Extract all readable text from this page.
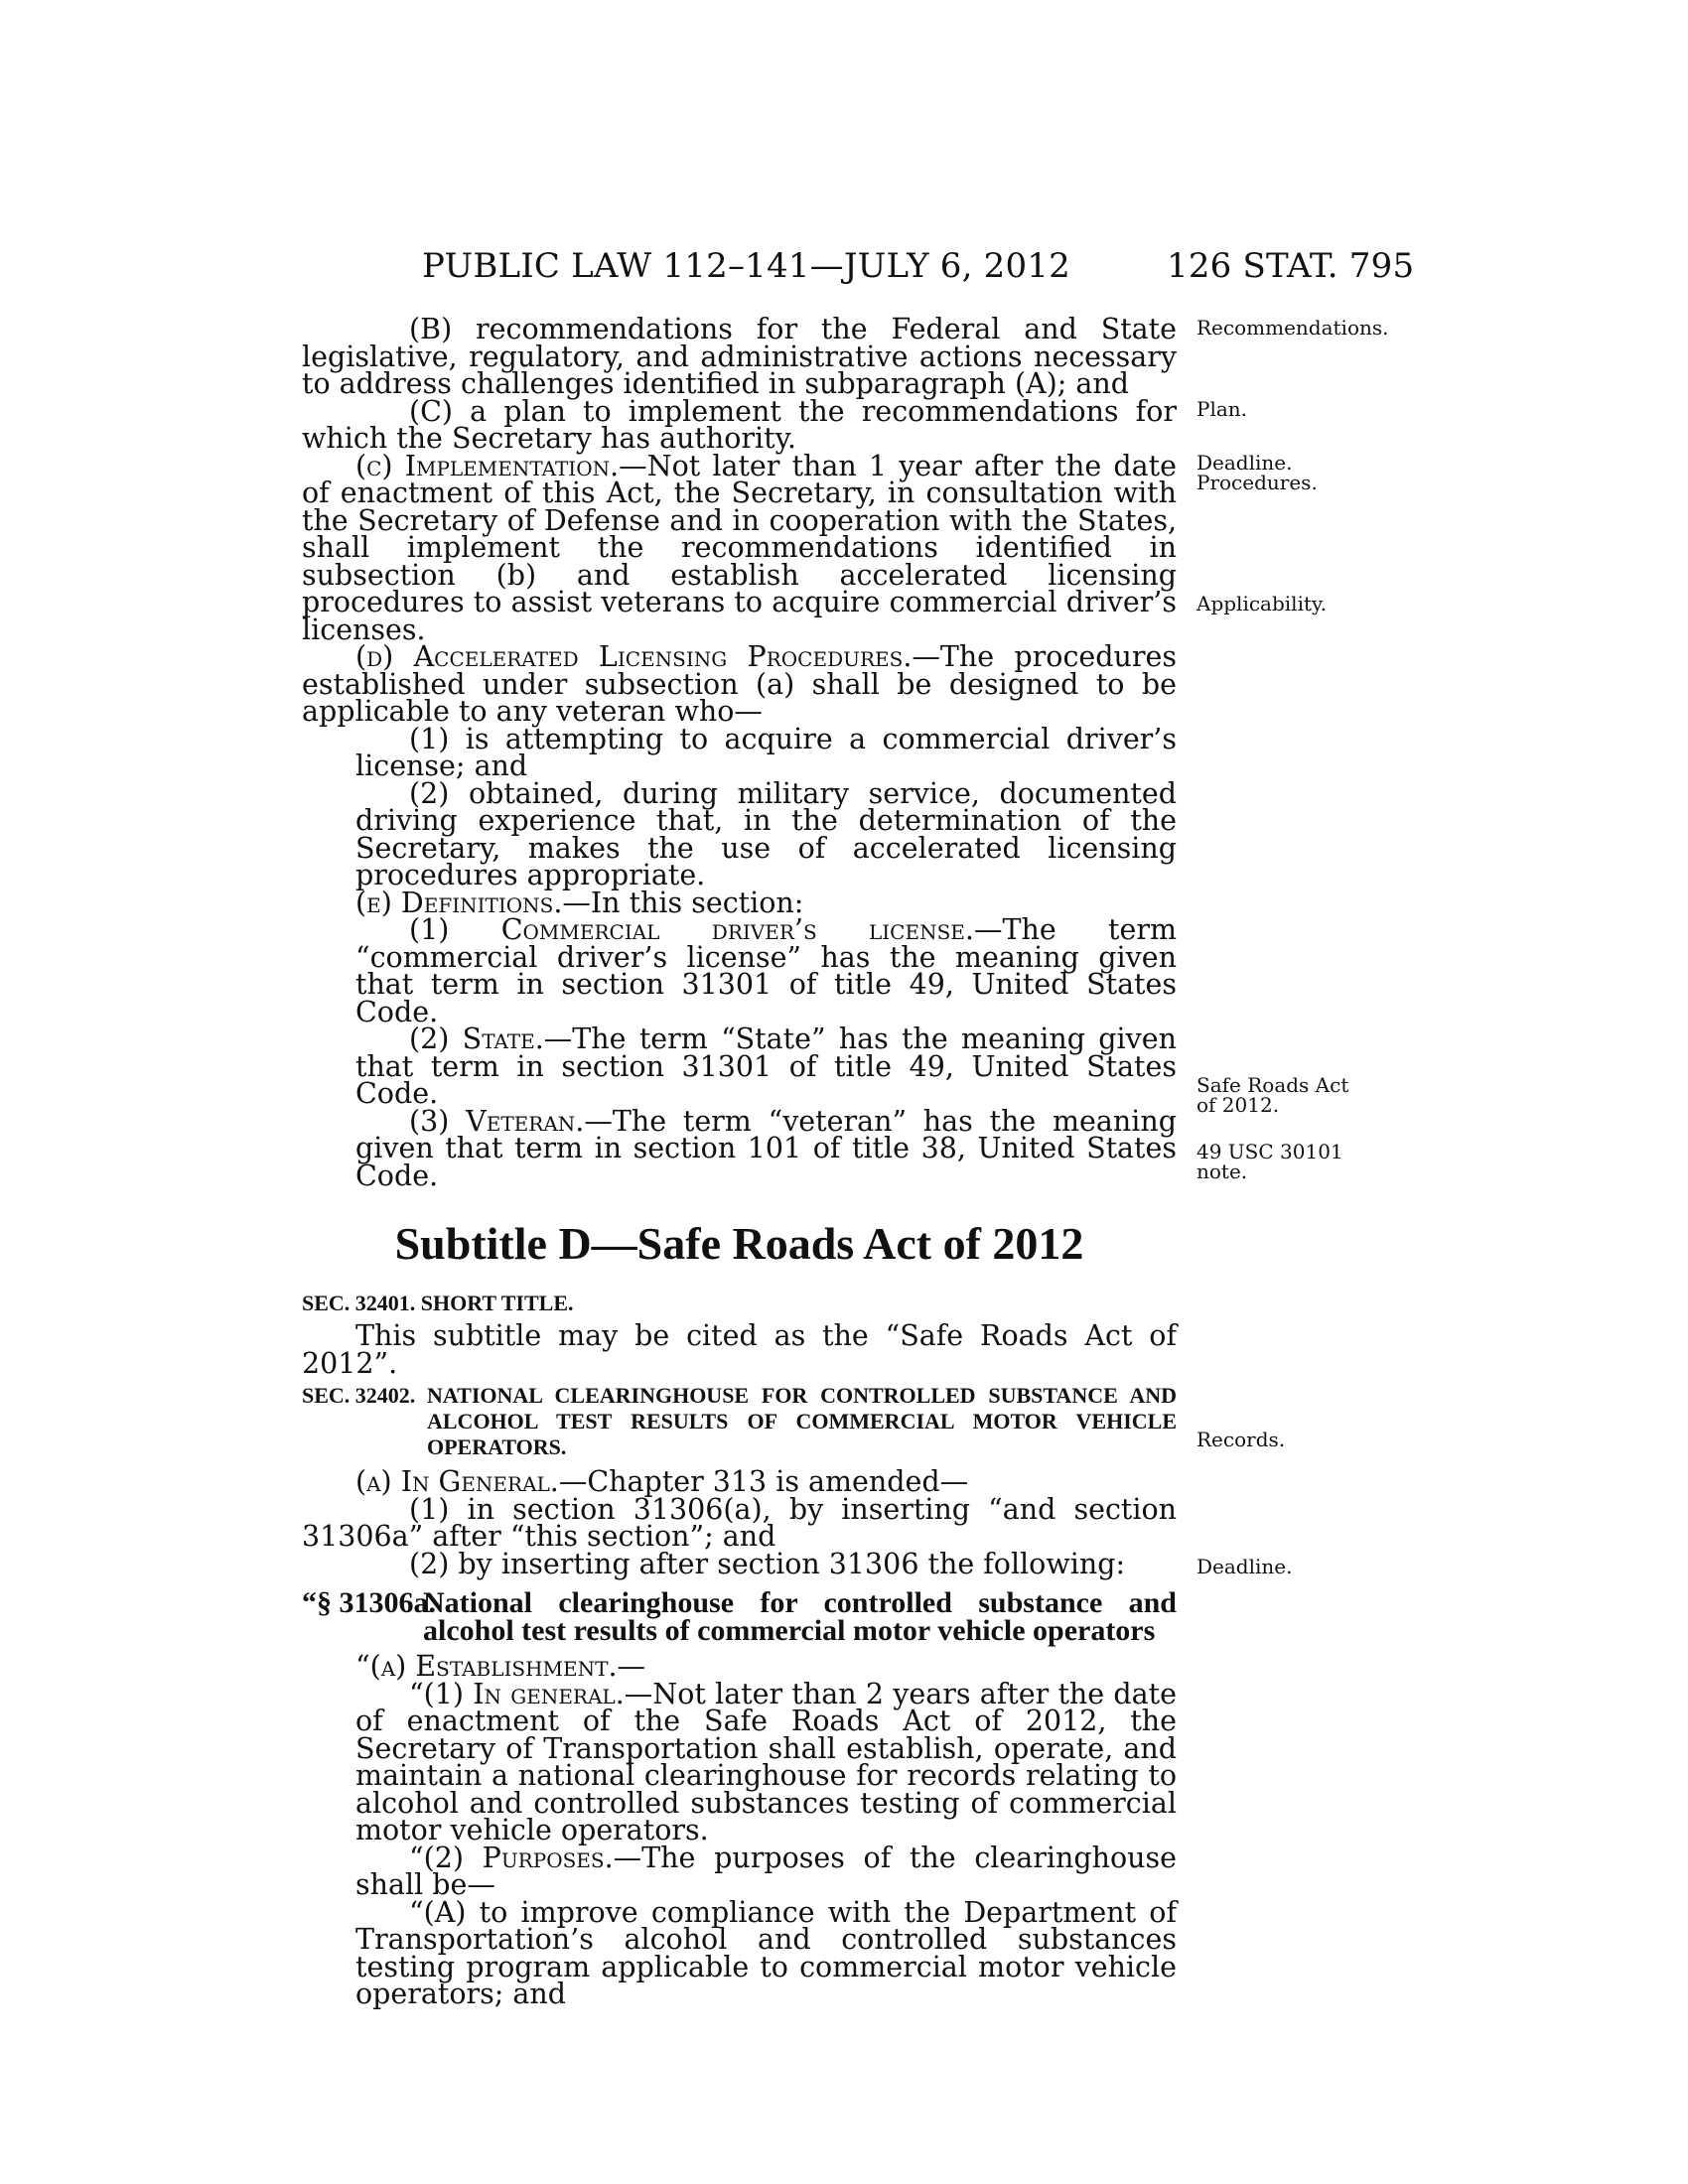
PUBLIC LAW 112–141—JULY 6, 2012	126 STAT. 795

(B) recommendations for the Federal and State legislative, regulatory, and administrative actions necessary to address challenges identified in subparagraph (A); and

(C) a plan to implement the recommendations for which the Secretary has authority.

(c) Implementation.—Not later than 1 year after the date of enactment of this Act, the Secretary, in consultation with the Secretary of Defense and in cooperation with the States, shall implement the recommendations identified in subsection (b) and establish accelerated licensing procedures to assist veterans to acquire commercial driver’s licenses.

(d) Accelerated Licensing Procedures.—The procedures established under subsection (a) shall be designed to be applicable to any veteran who—

(1) is attempting to acquire a commercial driver’s license; and

(2) obtained, during military service, documented driving experience that, in the determination of the Secretary, makes the use of accelerated licensing procedures appropriate.

(e) Definitions.—In this section:

(1) Commercial driver’s license.—The term “commercial driver’s license” has the meaning given that term in section 31301 of title 49, United States Code.

(2) State.—The term “State” has the meaning given that term in section 31301 of title 49, United States Code.

(3) Veteran.—The term “veteran” has the meaning given that term in section 101 of title 38, United States Code.

Subtitle D—Safe Roads Act of 2012
SEC. 32401. SHORT TITLE.

This subtitle may be cited as the “Safe Roads Act of 2012”.

SEC. 32402. NATIONAL CLEARINGHOUSE FOR CONTROLLED SUBSTANCE AND ALCOHOL TEST RESULTS OF COMMERCIAL MOTOR VEHICLE OPERATORS.

(a) In General.—Chapter 313 is amended—

(1) in section 31306(a), by inserting “and section 31306a” after “this section”; and

(2) by inserting after section 31306 the following:

“§ 31306a.
National clearinghouse for controlled substance and alcohol test results of commercial motor vehicle operators

“(a) Establishment.—

“(1) In general.—Not later than 2 years after the date of enactment of the Safe Roads Act of 2012, the Secretary of Transportation shall establish, operate, and maintain a national clearinghouse for records relating to alcohol and controlled substances testing of commercial motor vehicle operators.

“(2) Purposes.—The purposes of the clearinghouse shall be—

“(A) to improve compliance with the Department of Transportation’s alcohol and controlled substances testing program applicable to commercial motor vehicle operators; and

Recommendations.
Plan.
Deadline. Procedures.
Applicability.
Safe Roads Act of 2012.
49 USC 30101 note.
Records.
Deadline.
